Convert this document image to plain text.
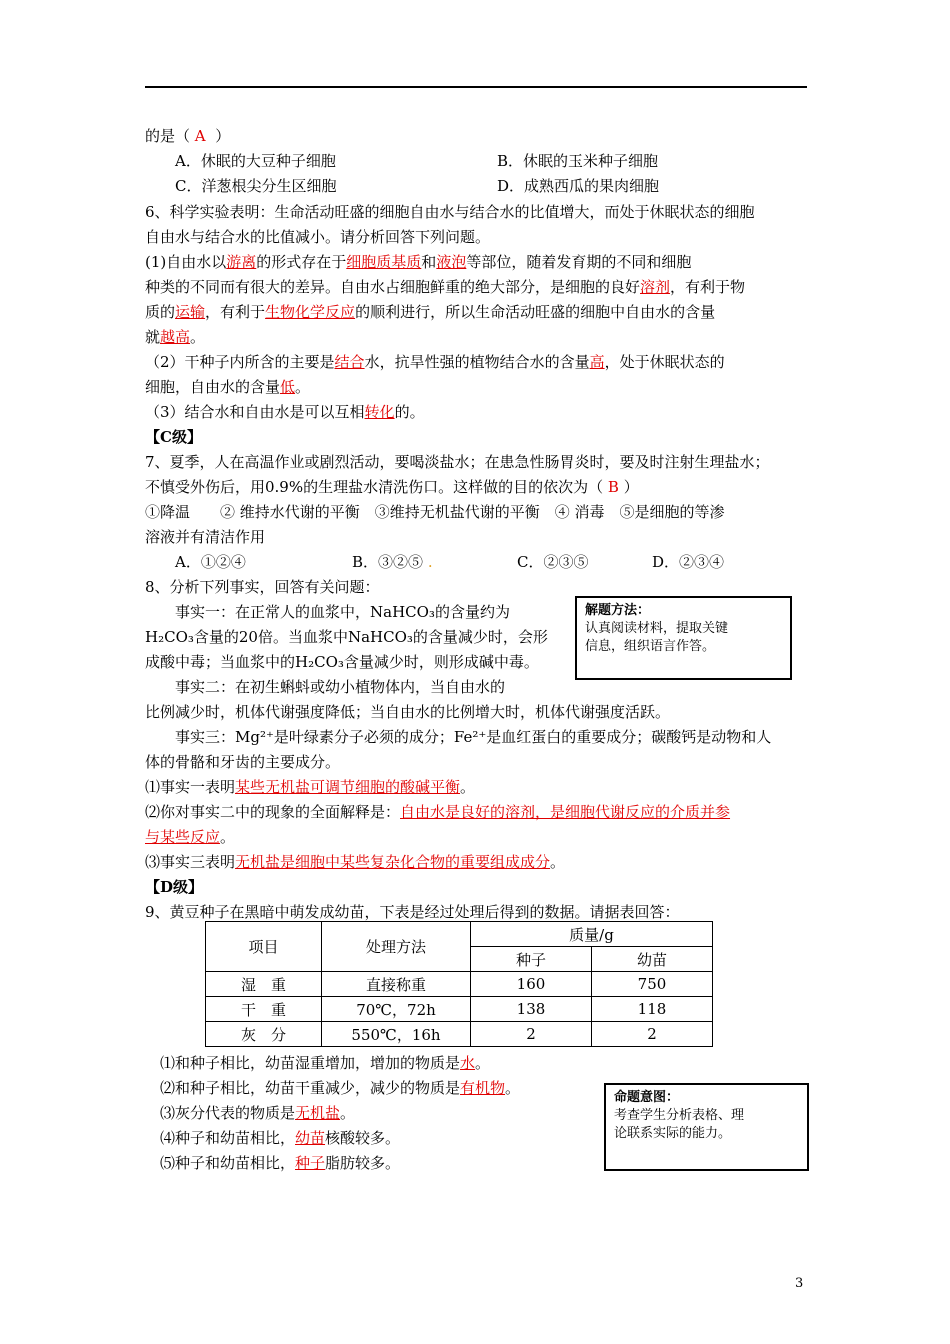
的是（ A ）
A．休眠的大豆种子细胞	B．休眠的玉米种子细胞
C．洋葱根尖分生区细胞	D．成熟西瓜的果肉细胞
6、科学实验表明：生命活动旺盛的细胞自由水与结合水的比值增大，而处于休眠状态的细胞
自由水与结合水的比值减小。请分析回答下列问题。
(1)自由水以游离的形式存在于细胞质基质和液泡等部位，随着发育期的不同和细胞
种类的不同而有很大的差异。自由水占细胞鲜重的绝大部分，是细胞的良好溶剂，有利于物
质的运输，有利于生物化学反应的顺利进行，所以生命活动旺盛的细胞中自由水的含量
就越高。
（2）干种子内所含的主要是结合水，抗旱性强的植物结合水的含量高，处于休眠状态的
细胞，自由水的含量低。
（3）结合水和自由水是可以互相转化的。
【C级】
7、夏季，人在高温作业或剧烈活动，要喝淡盐水；在患急性肠胃炎时，要及时注射生理盐水；
不慎受外伤后，用0.9%的生理盐水清洗伤口。这样做的目的依次为（ B ）
①降温　　② 维持水代谢的平衡　③维持无机盐代谢的平衡　④ 消毒　⑤是细胞的等渗
溶液并有清洁作用
A．①②④	B．③②⑤ .	C．②③⑤	D．②③④
8、分析下列事实，回答有关问题：
事实一：在正常人的血浆中，NaHCO₃的含量约为
H₂CO₃含量的20倍。当血浆中NaHCO₃的含量减少时，会形
成酸中毒；当血浆中的H₂CO₃含量减少时，则形成碱中毒。
事实二：在初生蝌蚪或幼小植物体内，当自由水的
比例减少时，机体代谢强度降低；当自由水的比例增大时，机体代谢强度活跃。
事实三：Mg²⁺是叶绿素分子必须的成分；Fe²⁺是血红蛋白的重要成分；碳酸钙是动物和人
体的骨骼和牙齿的主要成分。
⑴事实一表明某些无机盐可调节细胞的酸碱平衡。
⑵你对事实二中的现象的全面解释是：自由水是良好的溶剂，是细胞代谢反应的介质并参
与某些反应。
⑶事实三表明无机盐是细胞中某些复杂化合物的重要组成成分。
解题方法：
认真阅读材料，提取关键
信息，组织语言作答。
【D级】
9、黄豆种子在黑暗中萌发成幼苗，下表是经过处理后得到的数据。请据表回答：
项目	处理方法	质量/g	
		种子	幼苗
湿　重	直接称重	160	750
干　重	70℃，72h	138	118
灰　分	550℃，16h	2	2
⑴和种子相比，幼苗湿重增加，增加的物质是水。
⑵和种子相比，幼苗干重减少，减少的物质是有机物。
⑶灰分代表的物质是无机盐。
⑷种子和幼苗相比，幼苗核酸较多。
⑸种子和幼苗相比，种子脂肪较多。
命题意图：
考查学生分析表格、理
论联系实际的能力。
3
